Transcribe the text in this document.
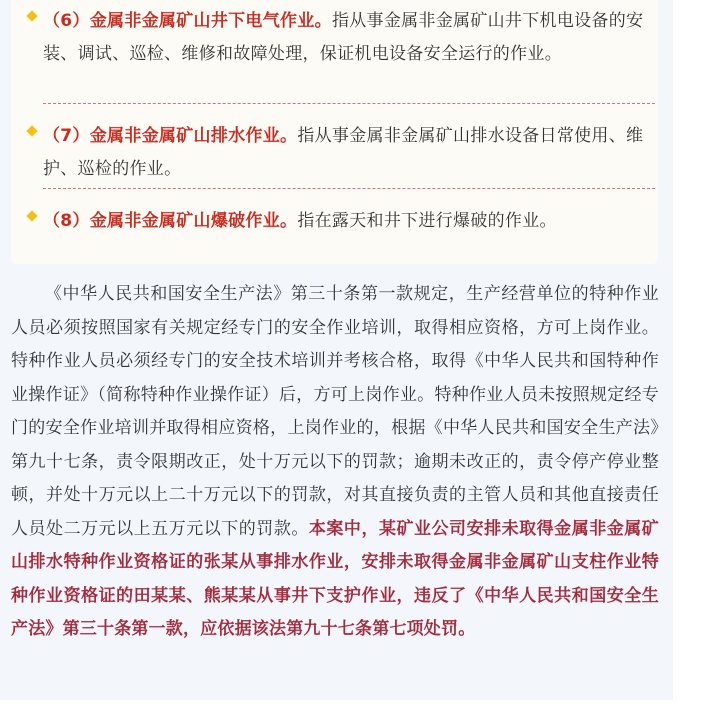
（6）金属非金属矿山井下电气作业。指从事金属非金属矿山井下机电设备的安装、调试、巡检、维修和故障处理，保证机电设备安全运行的作业。
（7）金属非金属矿山排水作业。指从事金属非金属矿山排水设备日常使用、维护、巡检的作业。
（8）金属非金属矿山爆破作业。指在露天和井下进行爆破的作业。
《中华人民共和国安全生产法》第三十条第一款规定，生产经营单位的特种作业人员必须按照国家有关规定经专门的安全作业培训，取得相应资格，方可上岗作业。特种作业人员必须经专门的安全技术培训并考核合格，取得《中华人民共和国特种作业操作证》（简称特种作业操作证）后，方可上岗作业。特种作业人员未按照规定经专门的安全作业培训并取得相应资格，上岗作业的，根据《中华人民共和国安全生产法》第九十七条，责令限期改正，处十万元以下的罚款；逾期未改正的，责令停产停业整顿，并处十万元以上二十万元以下的罚款，对其直接负责的主管人员和其他直接责任人员处二万元以上五万元以下的罚款。本案中，某矿业公司安排未取得金属非金属矿山排水特种作业资格证的张某从事排水作业，安排未取得金属非金属矿山支柱作业特种作业资格证的田某某、熊某某从事井下支护作业，违反了《中华人民共和国安全生产法》第三十条第一款，应依据该法第九十七条第七项处罚。
